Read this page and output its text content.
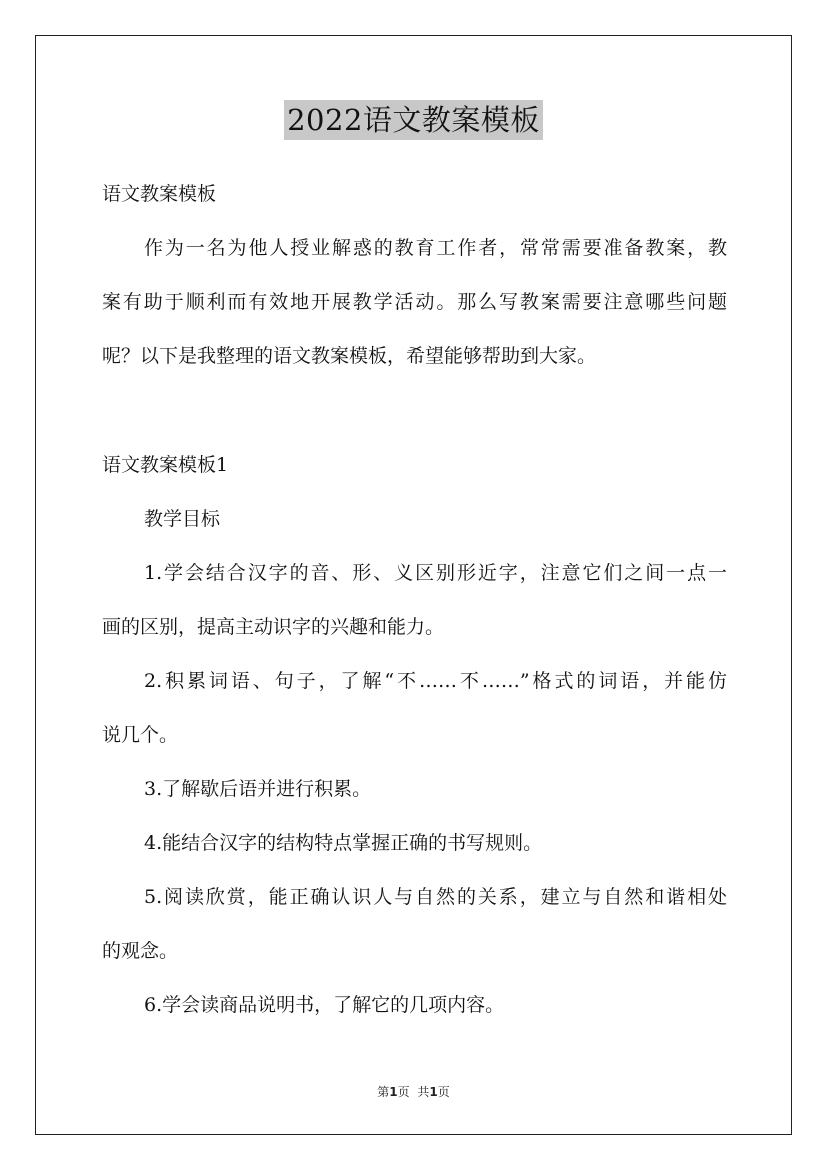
2022语文教案模板
语文教案模板
作为一名为他人授业解惑的教育工作者，常常需要准备教案，教
案有助于顺利而有效地开展教学活动。那么写教案需要注意哪些问题
呢？以下是我整理的语文教案模板，希望能够帮助到大家。
语文教案模板1
教学目标
1.学会结合汉字的音、形、义区别形近字，注意它们之间一点一
画的区别，提高主动识字的兴趣和能力。
2.积累词语、句子，了解“不……不……”格式的词语，并能仿
说几个。
3.了解歇后语并进行积累。
4.能结合汉字的结构特点掌握正确的书写规则。
5.阅读欣赏，能正确认识人与自然的关系，建立与自然和谐相处
的观念。
6.学会读商品说明书，了解它的几项内容。
第1页 共1页
